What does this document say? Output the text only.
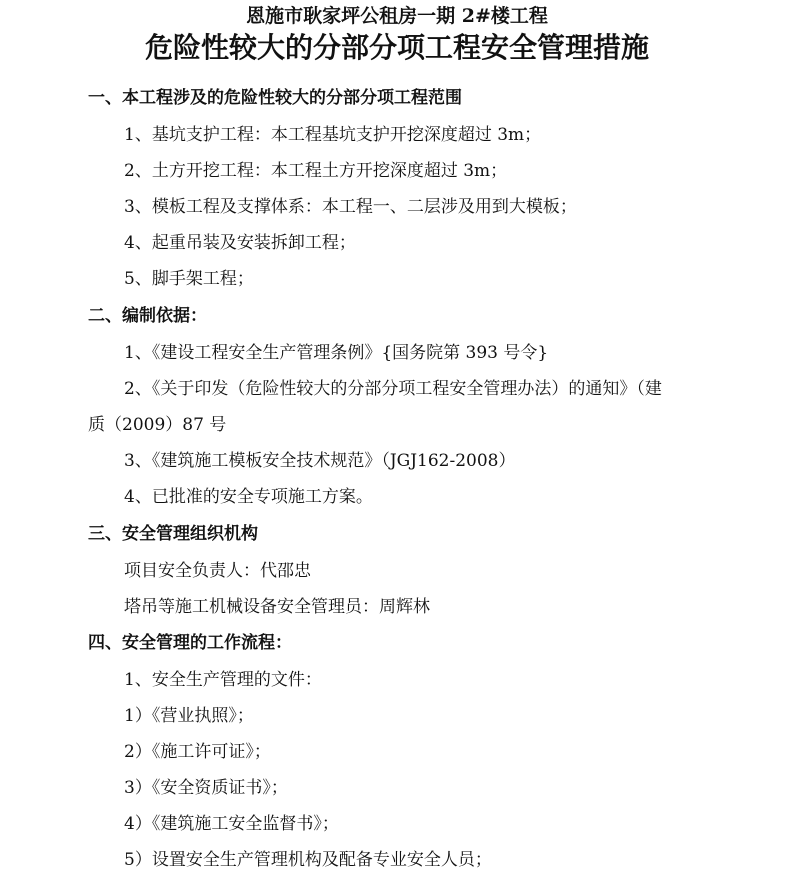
恩施市耿家坪公租房一期 2#楼工程
危险性较大的分部分项工程安全管理措施
一、本工程涉及的危险性较大的分部分项工程范围
1、基坑支护工程：本工程基坑支护开挖深度超过 3m；
2、土方开挖工程：本工程土方开挖深度超过 3m；
3、模板工程及支撑体系：本工程一、二层涉及用到大模板；
4、起重吊装及安装拆卸工程；
5、脚手架工程；
二、编制依据：
1、《建设工程安全生产管理条例》{国务院第 393 号令}
2、《关于印发（危险性较大的分部分项工程安全管理办法）的通知》（建
质（2009）87 号
3、《建筑施工模板安全技术规范》（JGJ162-2008）
4、已批准的安全专项施工方案。
三、安全管理组织机构
项目安全负责人：代邵忠
塔吊等施工机械设备安全管理员：周辉林
四、安全管理的工作流程：
1、安全生产管理的文件：
1）《营业执照》；
2）《施工许可证》；
3）《安全资质证书》；
4）《建筑施工安全监督书》；
5）设置安全生产管理机构及配备专业安全人员；
